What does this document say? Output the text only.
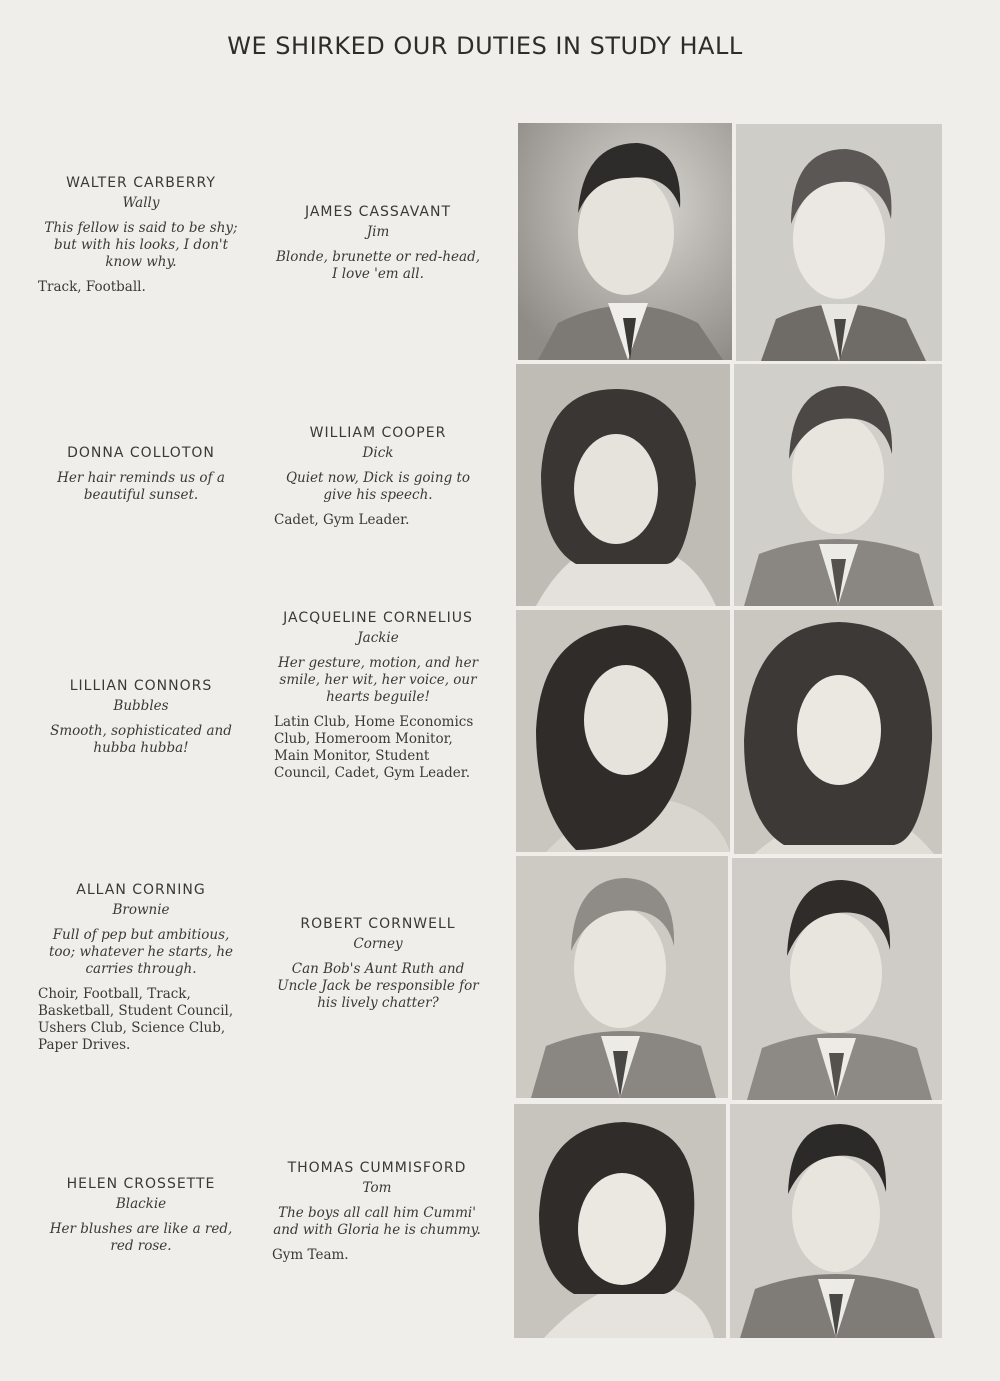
WE SHIRKED OUR DUTIES IN STUDY HALL
WALTER CARBERRY
Wally
This fellow is said to be shy; but with his looks, I don't know why.
Track, Football.
JAMES CASSAVANT
Jim
Blonde, brunette or red-head, I love 'em all.
DONNA COLLOTON
Her hair reminds us of a beautiful sunset.
WILLIAM COOPER
Dick
Quiet now, Dick is going to give his speech.
Cadet, Gym Leader.
LILLIAN CONNORS
Bubbles
Smooth, sophisticated and hubba hubba!
JACQUELINE CORNELIUS
Jackie
Her gesture, motion, and her smile, her wit, her voice, our hearts beguile!
Latin Club, Home Economics Club, Homeroom Monitor, Main Monitor, Student Council, Cadet, Gym Leader.
ALLAN CORNING
Brownie
Full of pep but ambitious, too; whatever he starts, he carries through.
Choir, Football, Track, Basketball, Student Council, Ushers Club, Science Club, Paper Drives.
ROBERT CORNWELL
Corney
Can Bob's Aunt Ruth and Uncle Jack be responsible for his lively chatter?
HELEN CROSSETTE
Blackie
Her blushes are like a red, red rose.
THOMAS CUMMISFORD
Tom
The boys all call him Cummi' and with Gloria he is chummy.
Gym Team.
